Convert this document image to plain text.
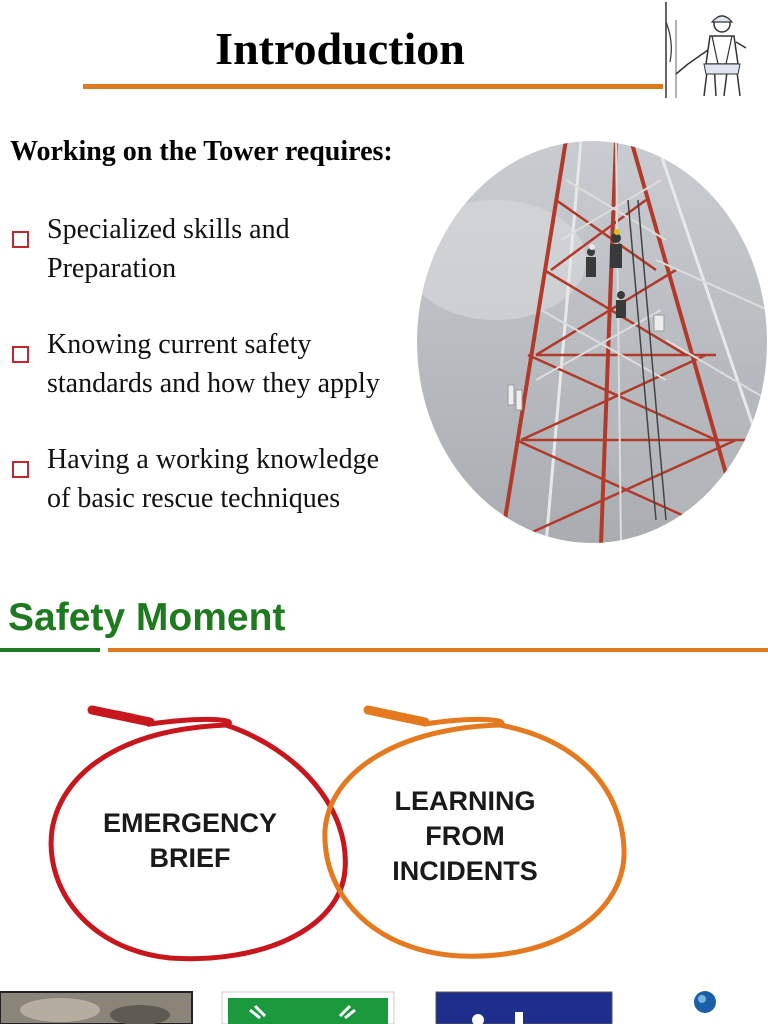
Introduction
Working on the Tower requires:
Specialized skills and
Preparation
Knowing current safety
standards and how they apply
Having a working knowledge
of basic rescue techniques
Safety Moment
EMERGENCY
BRIEF
LEARNING
FROM
INCIDENTS
